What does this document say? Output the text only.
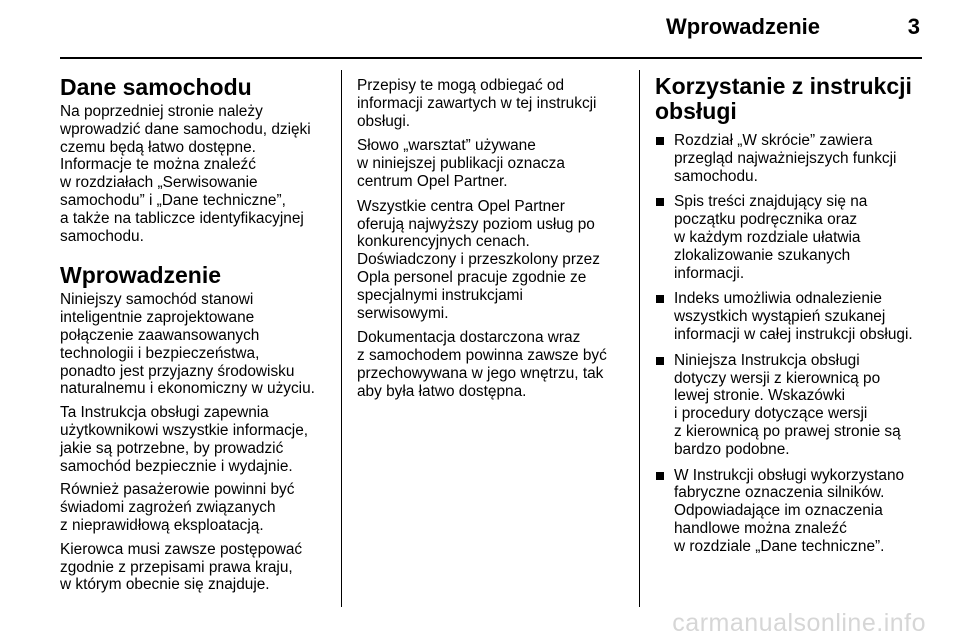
Wprowadzenie	3
Dane samochodu

Na poprzedniej stronie należy
wprowadzić dane samochodu, dzięki
czemu będą łatwo dostępne.
Informacje te można znaleźć
w rozdziałach „Serwisowanie
samochodu” i „Dane techniczne”,
a także na tabliczce identyfikacyjnej
samochodu.

Wprowadzenie

Niniejszy samochód stanowi
inteligentnie zaprojektowane
połączenie zaawansowanych
technologii i bezpieczeństwa,
ponadto jest przyjazny środowisku
naturalnemu i ekonomiczny w użyciu.

Ta Instrukcja obsługi zapewnia
użytkownikowi wszystkie informacje,
jakie są potrzebne, by prowadzić
samochód bezpiecznie i wydajnie.

Również pasażerowie powinni być
świadomi zagrożeń związanych
z nieprawidłową eksploatacją.

Kierowca musi zawsze postępować
zgodnie z przepisami prawa kraju,
w którym obecnie się znajduje.

Przepisy te mogą odbiegać od
informacji zawartych w tej instrukcji
obsługi.

Słowo „warsztat” używane
w niniejszej publikacji oznacza
centrum Opel Partner.

Wszystkie centra Opel Partner
oferują najwyższy poziom usług po
konkurencyjnych cenach.
Doświadczony i przeszkolony przez
Opla personel pracuje zgodnie ze
specjalnymi instrukcjami
serwisowymi.

Dokumentacja dostarczona wraz
z samochodem powinna zawsze być
przechowywana w jego wnętrzu, tak
aby była łatwo dostępna.

Korzystanie z instrukcji
obsługi
Rozdział „W skrócie” zawiera
przegląd najważniejszych funkcji
samochodu.
Spis treści znajdujący się na
początku podręcznika oraz
w każdym rozdziale ułatwia
zlokalizowanie szukanych
informacji.
Indeks umożliwia odnalezienie
wszystkich wystąpień szukanej
informacji w całej instrukcji obsługi.
Niniejsza Instrukcja obsługi
dotyczy wersji z kierownicą po
lewej stronie. Wskazówki
i procedury dotyczące wersji
z kierownicą po prawej stronie są
bardzo podobne.
W Instrukcji obsługi wykorzystano
fabryczne oznaczenia silników.
Odpowiadające im oznaczenia
handlowe można znaleźć
w rozdziale „Dane techniczne”.
carmanualsonline.info
